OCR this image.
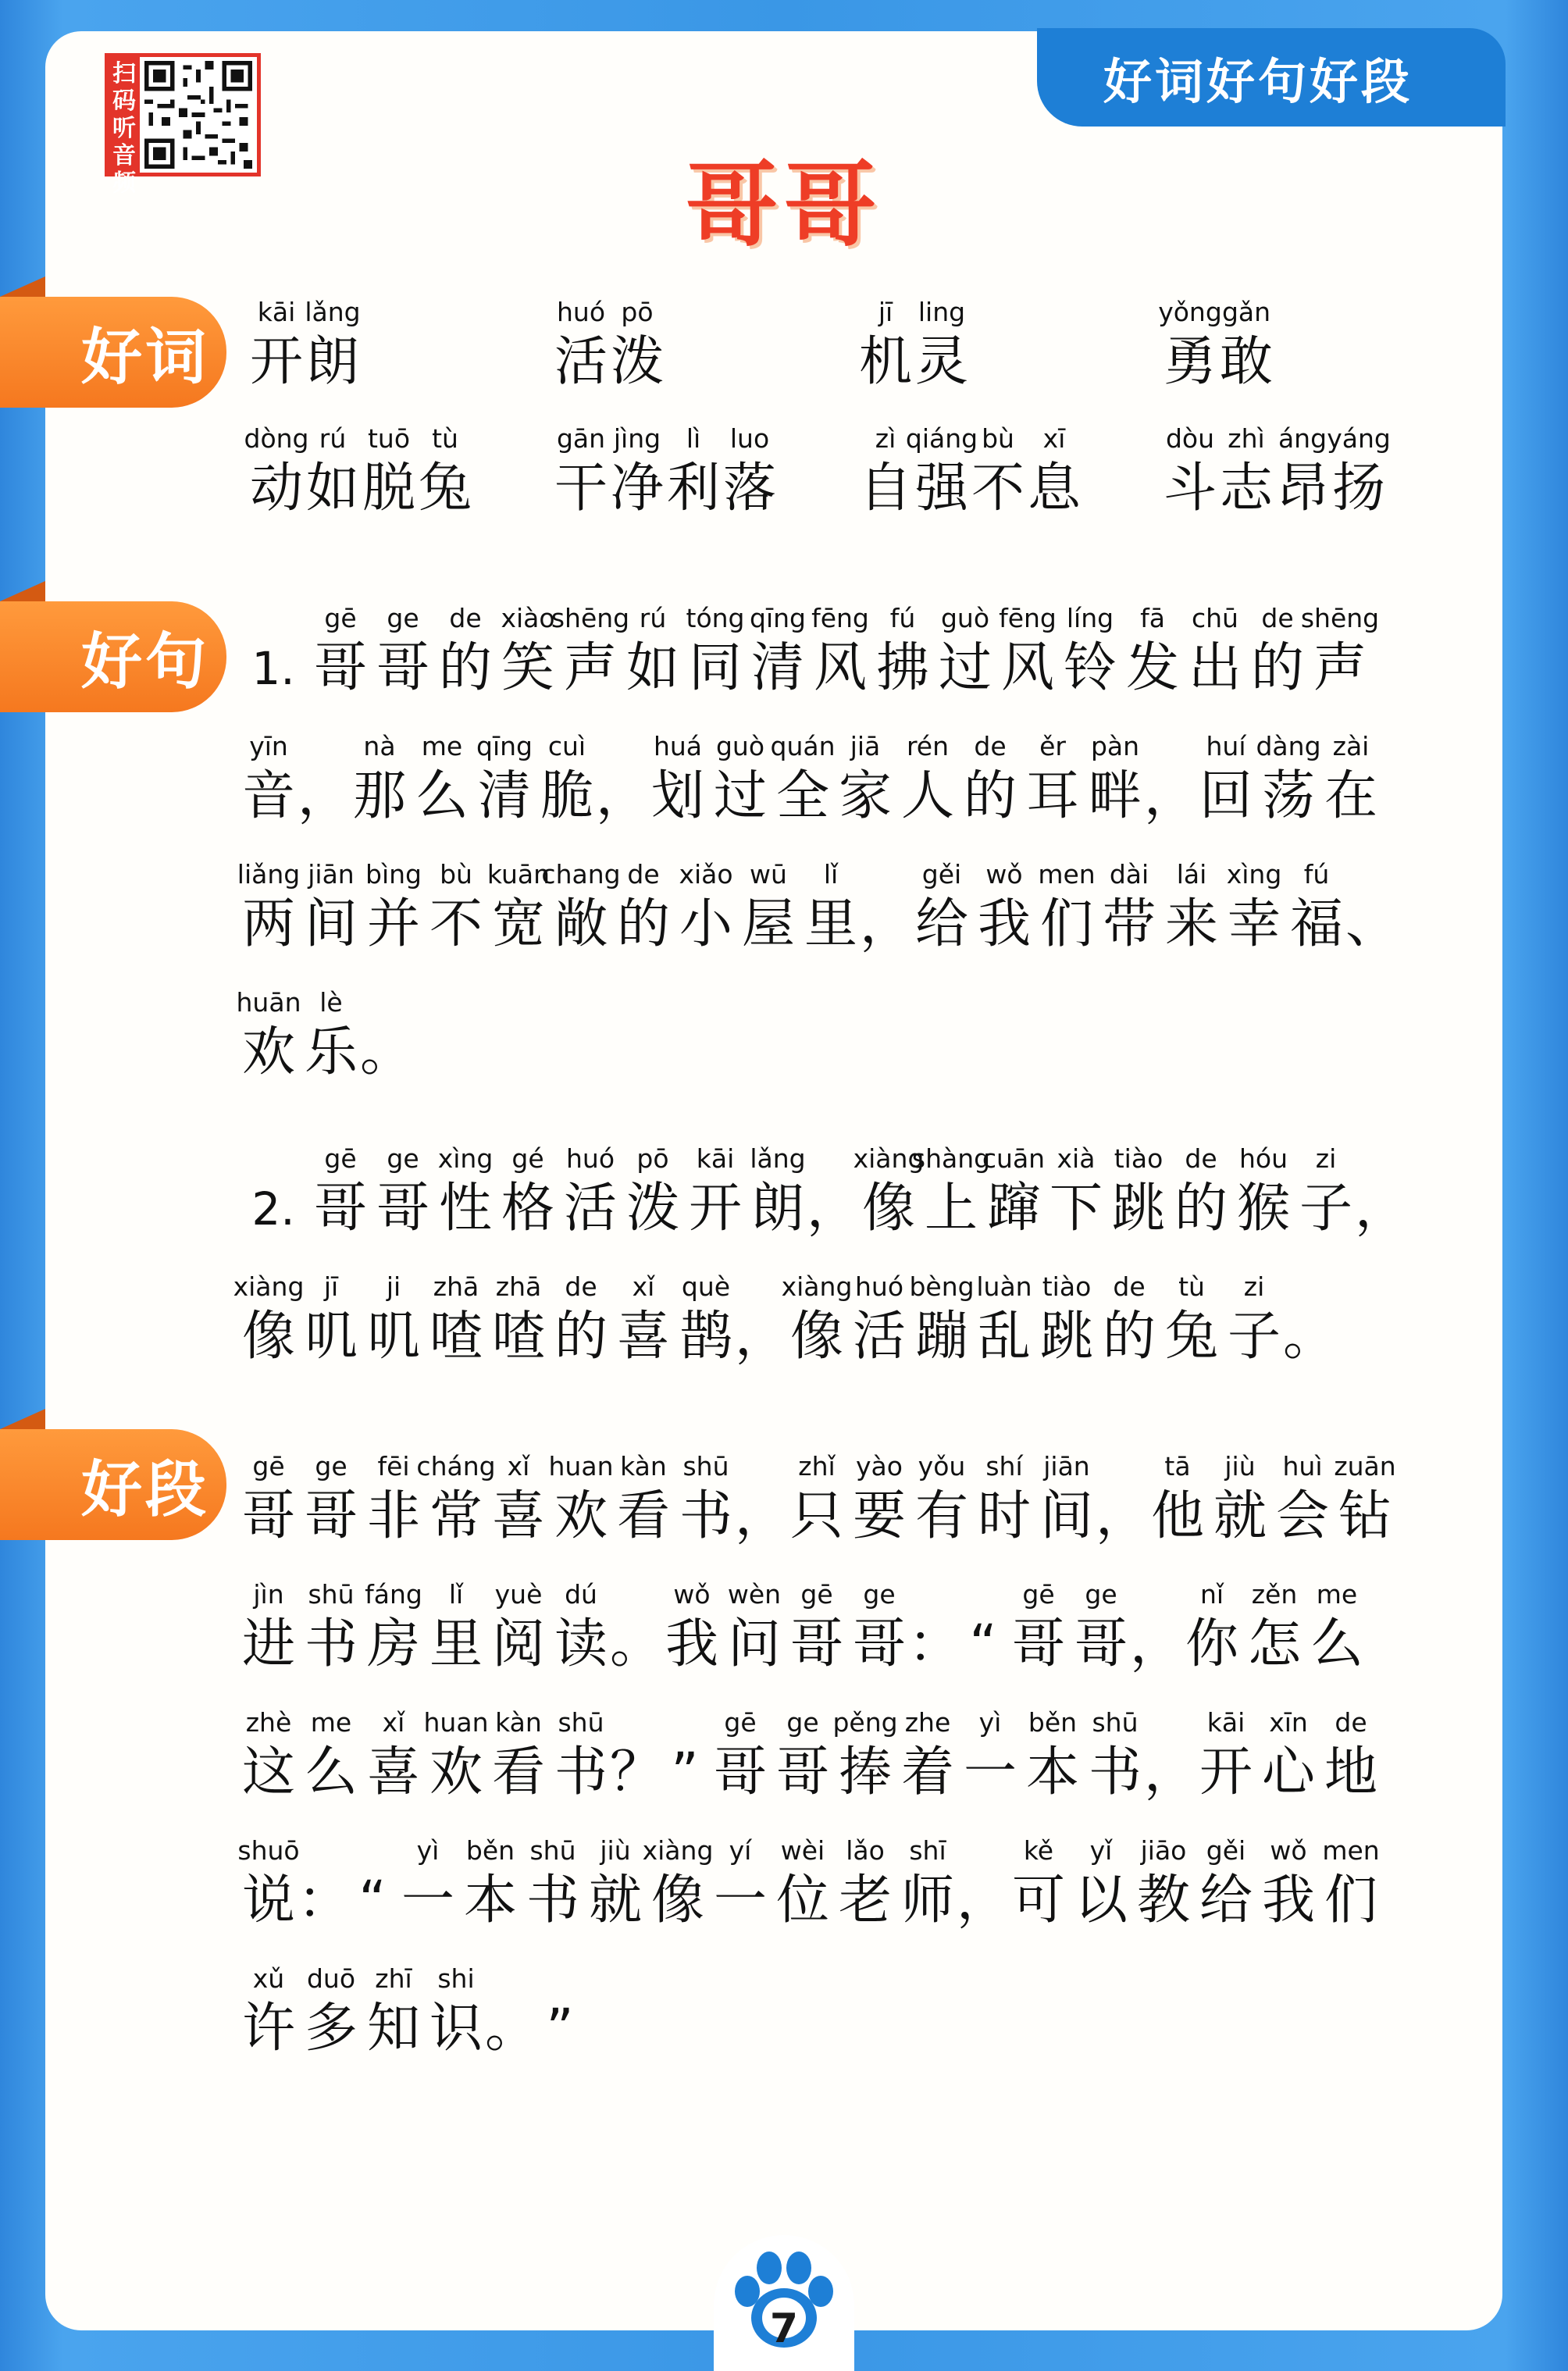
扫码听音频
好词好句好段
哥哥
好词
好句
好段
kāi
开
lǎng
朗
huó
活
pō
泼
jī
机
ling
灵
yǒng
勇
gǎn
敢
dòng
动
rú
如
tuō
脱
tù
兔
gān
干
jìng
净
lì
利
luo
落
zì
自
qiáng
强
bù
不
xī
息
dòu
斗
zhì
志
áng
昂
yáng
扬
1.
gē
哥
ge
哥
de
的
xiào
笑
shēng
声
rú
如
tóng
同
qīng
清
fēng
风
fú
拂
guò
过
fēng
风
líng
铃
fā
发
chū
出
de
的
shēng
声
yīn
音 ，
nà
那
me
么
qīng
清
cuì
脆 ，
huá
划
guò
过
quán
全
jiā
家
rén
人
de
的
ěr
耳
pàn
畔 ，
huí
回
dàng
荡
zài
在
liǎng
两
jiān
间
bìng
并
bù
不
kuān
宽
chang
敞
de
的
xiǎo
小
wū
屋
lǐ
里 ，
gěi
给
wǒ
我
men
们
dài
带
lái
来
xìng
幸
fú
福 、
huān
欢
lè
乐 。
2.
gē
哥
ge
哥
xìng
性
gé
格
huó
活
pō
泼
kāi
开
lǎng
朗 ，
xiàng
像
shàng
上
cuān
蹿
xià
下
tiào
跳
de
的
hóu
猴
zi
子 ，
xiàng
像
jī
叽
ji
叽
zhā
喳
zhā
喳
de
的
xǐ
喜
què
鹊 ，
xiàng
像
huó
活
bèng
蹦
luàn
乱
tiào
跳
de
的
tù
兔
zi
子 。
gē
哥
ge
哥
fēi
非
cháng
常
xǐ
喜
huan
欢
kàn
看
shū
书 ，
zhǐ
只
yào
要
yǒu
有
shí
时
jiān
间 ，
tā
他
jiù
就
huì
会
zuān
钻
jìn
进
shū
书
fáng
房
lǐ
里
yuè
阅
dú
读 。
wǒ
我
wèn
问
gē
哥
ge
哥 ： “
gē
哥
ge
哥 ，
nǐ
你
zěn
怎
me
么
zhè
这
me
么
xǐ
喜
huan
欢
kàn
看
shū
书 ？ ”
gē
哥
ge
哥
pěng
捧
zhe
着
yì
一
běn
本
shū
书 ，
kāi
开
xīn
心
de
地
shuō
说 ： “
yì
一
běn
本
shū
书
jiù
就
xiàng
像
yí
一
wèi
位
lǎo
老
shī
师 ，
kě
可
yǐ
以
jiāo
教
gěi
给
wǒ
我
men
们
xǔ
许
duō
多
zhī
知
shi
识 。 ”
7
